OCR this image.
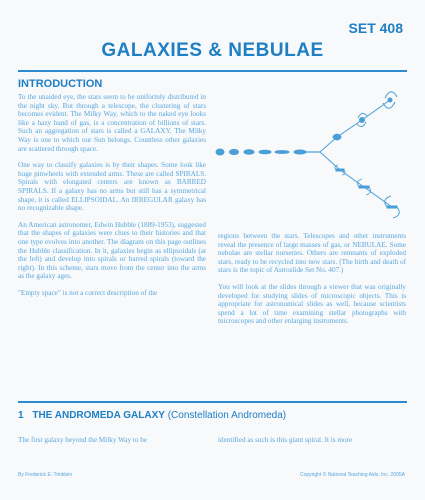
SET 408
GALAXIES & NEBULAE
INTRODUCTION

To the unaided eye, the stars seem to be uniformly distributed in the night sky. But through a telescope, the clustering of stars becomes evident. The Milky Way, which to the naked eye looks like a hazy band of gas, is a concentration of billions of stars. Such an aggregation of stars is called a GALAXY. The Milky Way is one to which our Sun belongs. Countless other galaxies are scattered through space.

One way to classify galaxies is by their shapes. Some look like huge pinwheels with extended arms. These are called SPIRALS. Spirals with elongated centers are known as BARRED SPIRALS. If a galaxy has no arms but still has a symmetrical shape, it is called ELLIPSOIDAL. An IRREGULAR galaxy has no recognizable shape.

An American astronomer, Edwin Hubble (1889-1953), suggested that the shapes of galaxies were clues to their histories and that one type evolves into another. The diagram on this page outlines the Hubble classification. In it, galaxies begin as ellipsoidals (at the left) and develop into spirals or barred spirals (toward the right). In this scheme, stars move from the center into the arms as the galaxy ages.

"Empty space" is not a correct description of the

regions between the stars. Telescopes and other instruments reveal the presence of large masses of gas, or NEBULAE. Some nebulae are stellar nurseries. Others are remnants of exploded stars, ready to be recycled into new stars. (The birth and death of stars is the topic of Astroslide Set No. 407.)

You will look at the slides through a viewer that was originally developed for studying slides of microscopic objects. This is appropriate for astronomical slides as well, because scientists spend a lot of time examining stellar photographs with microscopes and other enlarging instruments.

1 THE ANDROMEDA GALAXY (Constellation Andromeda)
The first galaxy beyond the Milky Way to be	identified as such is this giant spiral. It is more
By Frederick E. Trinklein	Copyright © National Teaching Aids, Inc. 2005A
